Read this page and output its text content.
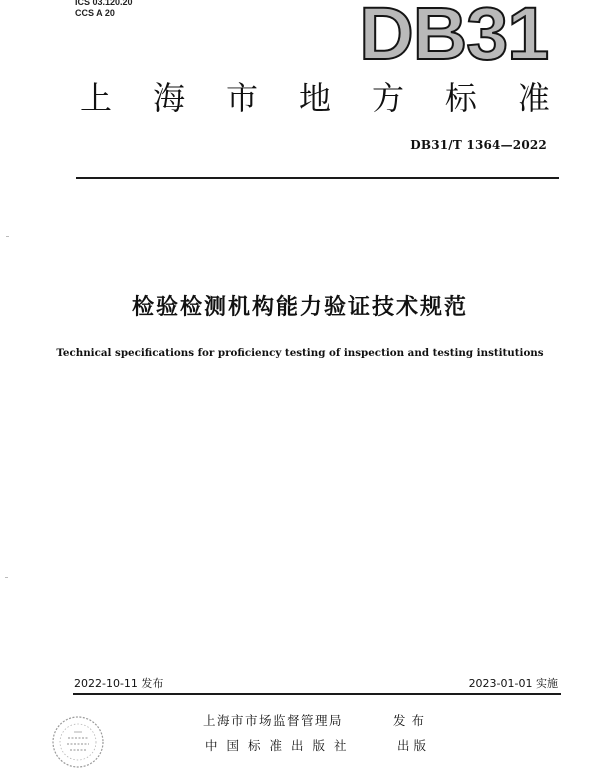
ICS 03.120.20
CCS A 20	DB31
上 海 市 地 方 标 准
DB31/T 1364—2022
检验检测机构能力验证技术规范
Technical specifications for proficiency testing of inspection and testing institutions
2022-10-11 发布	2023-01-01 实施
上海市市场监督管理局	发布
中国标准出版社	出版
